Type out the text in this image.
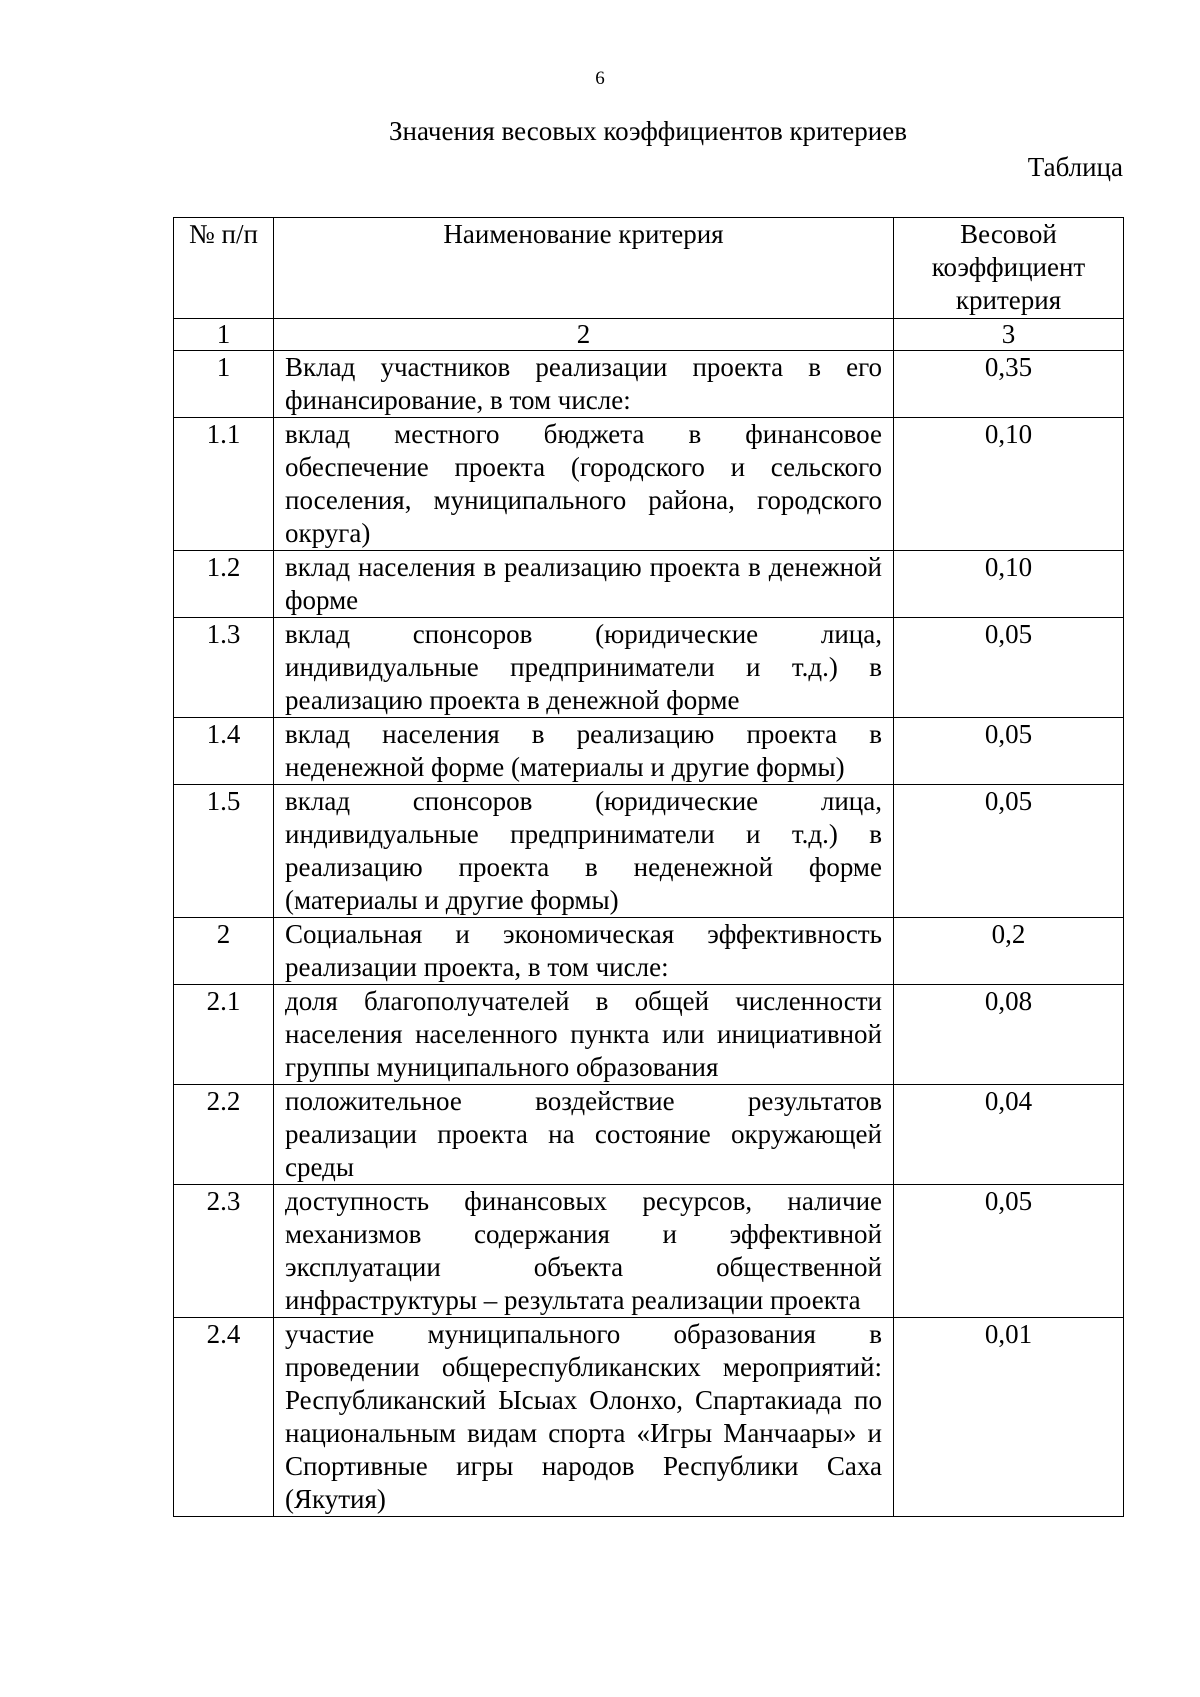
6
Значения весовых коэффициентов критериев
Таблица
№ п/п	Наименование критерия	Весовой коэффициент критерия
1	2	3
1	Вклад участников реализации проекта в его финансирование, в том числе:	0,35
1.1	вклад местного бюджета в финансовое обеспечение проекта (городского и сельского поселения, муниципального района, городского округа)	0,10
1.2	вклад населения в реализацию проекта в денежной форме	0,10
1.3	вклад спонсоров (юридические лица, индивидуальные предприниматели и т.д.) в реализацию проекта в денежной форме	0,05
1.4	вклад населения в реализацию проекта в неденежной форме (материалы и другие формы)	0,05
1.5	вклад спонсоров (юридические лица, индивидуальные предприниматели и т.д.) в реализацию проекта в неденежной форме (материалы и другие формы)	0,05
2	Социальная и экономическая эффективность реализации проекта, в том числе:	0,2
2.1	доля благополучателей в общей численности населения населенного пункта или инициативной группы муниципального образования	0,08
2.2	положительное воздействие результатов реализации проекта на состояние окружающей среды	0,04
2.3	доступность финансовых ресурсов, наличие механизмов содержания и эффективной эксплуатации объекта общественной инфраструктуры – результата реализации проекта	0,05
2.4	участие муниципального образования в проведении общереспубликанских мероприятий: Республиканский Ысыах Олонхо, Спартакиада по национальным видам спорта «Игры Манчаары» и Спортивные игры народов Республики Саха (Якутия)	0,01
